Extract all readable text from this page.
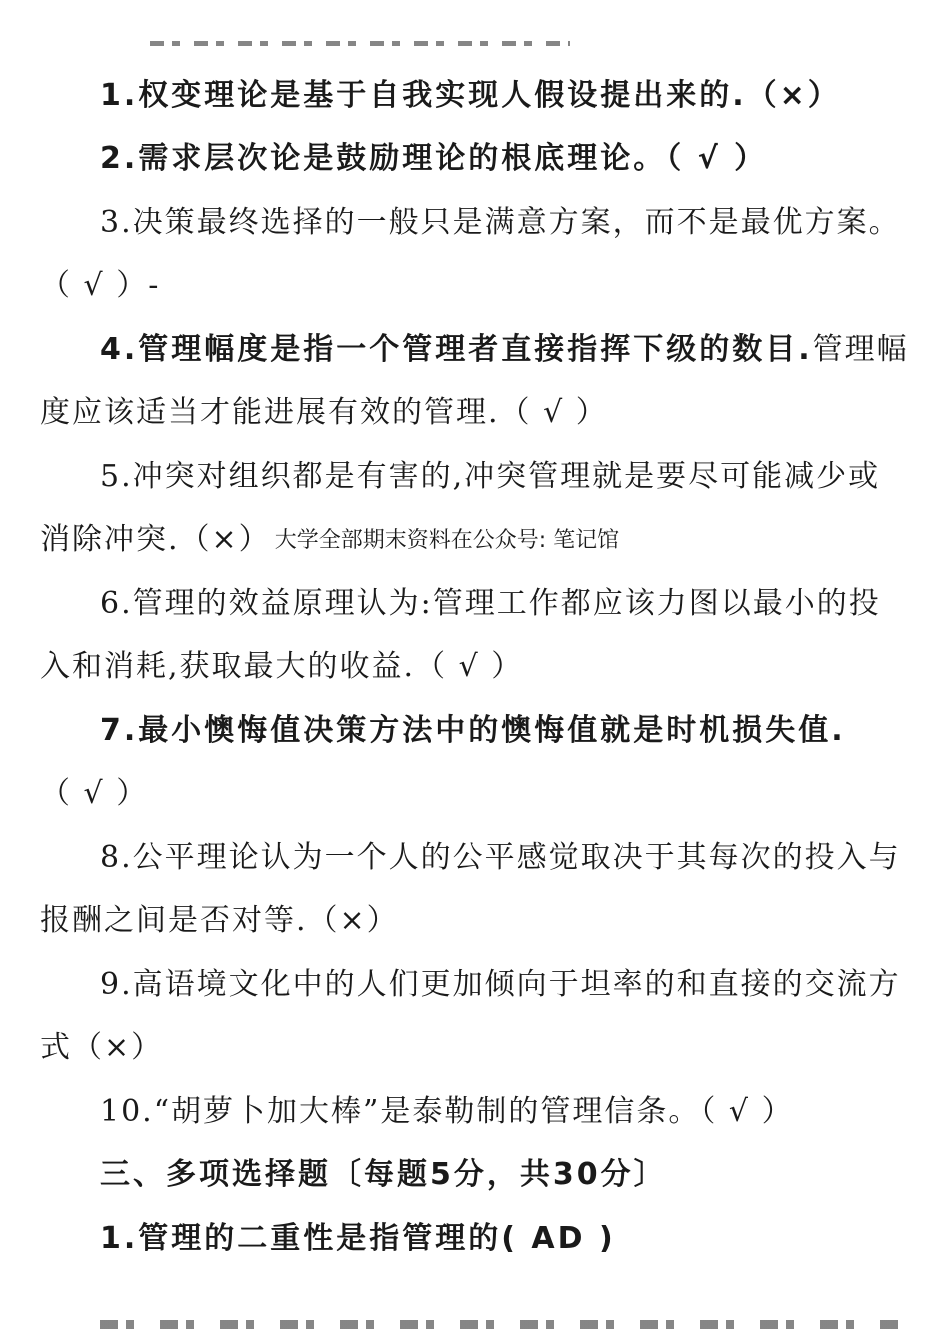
1.权变理论是基于自我实现人假设提出来的.（×）
2.需求层次论是鼓励理论的根底理论。（ √ ）
3.决策最终选择的一般只是满意方案，而不是最优方案。
（ √ ）-
4.管理幅度是指一个管理者直接指挥下级的数目.管理幅
度应该适当才能进展有效的管理.（ √ ）
5.冲突对组织都是有害的,冲突管理就是要尽可能减少或
消除冲突.（×） 大学全部期末资料在公众号: 笔记馆
6.管理的效益原理认为:管理工作都应该力图以最小的投
入和消耗,获取最大的收益.（ √ ）
7.最小懊悔值决策方法中的懊悔值就是时机损失值.
（ √ ）
8.公平理论认为一个人的公平感觉取决于其每次的投入与
报酬之间是否对等.（×）
9.高语境文化中的人们更加倾向于坦率的和直接的交流方
式（×）
10.“胡萝卜加大棒”是泰勒制的管理信条。（ √ ）
三、多项选择题〔每题5分，共30分〕
1.管理的二重性是指管理的( AD )
